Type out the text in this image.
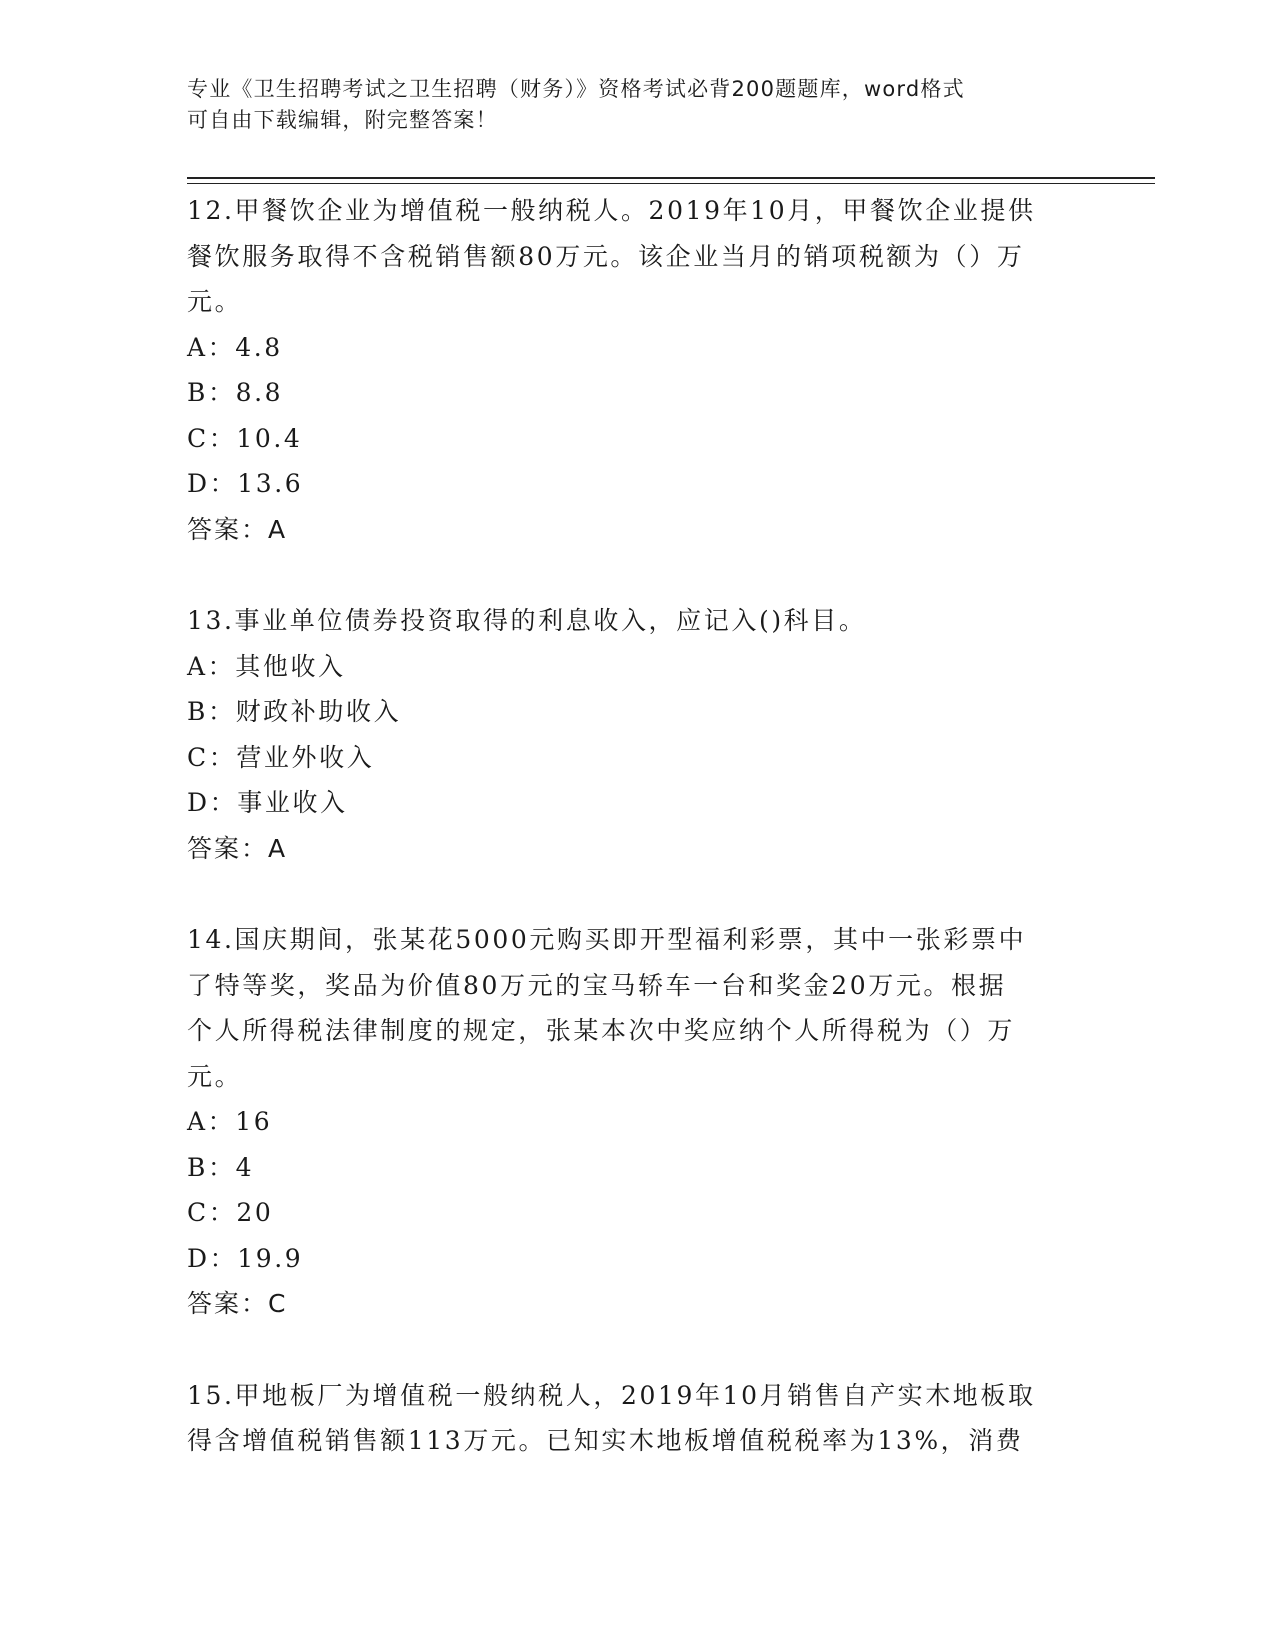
专业《卫生招聘考试之卫生招聘（财务）》资格考试必背200题题库，word格式
可自由下载编辑，附完整答案！

12.甲餐饮企业为增值税一般纳税人。2019年10月，甲餐饮企业提供

餐饮服务取得不含税销售额80万元。该企业当月的销项税额为（）万

元。

A：4.8

B：8.8

C：10.4

D：13.6

答案：A

13.事业单位债券投资取得的利息收入，应记入()科目。

A：其他收入

B：财政补助收入

C：营业外收入

D：事业收入

答案：A

14.国庆期间，张某花5000元购买即开型福利彩票，其中一张彩票中

了特等奖，奖品为价值80万元的宝马轿车一台和奖金20万元。根据

个人所得税法律制度的规定，张某本次中奖应纳个人所得税为（）万

元。

A：16

B：4

C：20

D：19.9

答案：C

15.甲地板厂为增值税一般纳税人，2019年10月销售自产实木地板取

得含增值税销售额113万元。已知实木地板增值税税率为13%，消费
